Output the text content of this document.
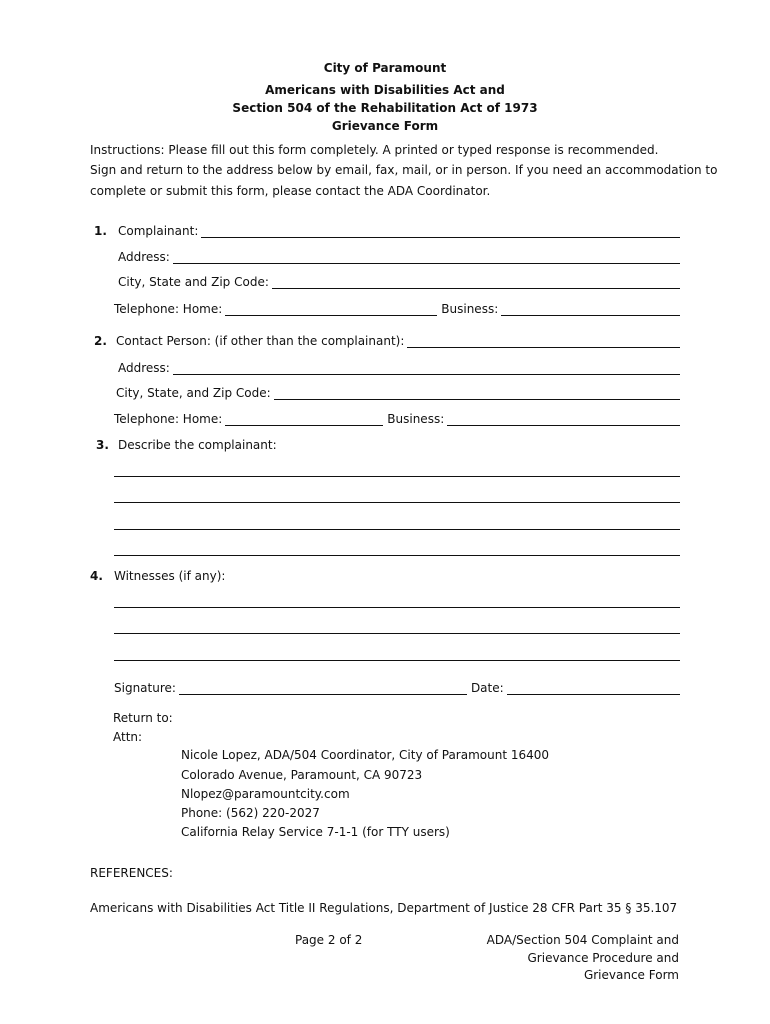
City of Paramount
Americans with Disabilities Act and
Section 504 of the Rehabilitation Act of 1973
Grievance Form
Instructions: Please fill out this form completely. A printed or typed response is recommended.
Sign and return to the address below by email, fax, mail, or in person. If you need an accommodation to
complete or submit this form, please contact the ADA Coordinator.
1. Complainant:
Address:
City, State and Zip Code:
Telephone: Home:	Business:
2. Contact Person: (if other than the complainant):
Address:
City, State, and Zip Code:
Telephone: Home:	Business:
3. Describe the complainant:
4. Witnesses (if any):
Signature:	Date:
Return to:
Attn:
Nicole Lopez, ADA/504 Coordinator, City of Paramount 16400
Colorado Avenue, Paramount, CA 90723
Nlopez@paramountcity.com
Phone: (562) 220-2027
California Relay Service 7-1-1 (for TTY users)
REFERENCES:
Americans with Disabilities Act Title II Regulations, Department of Justice 28 CFR Part 35 § 35.107
Page 2 of 2	ADA/Section 504 Complaint and
Grievance Procedure and
Grievance Form
